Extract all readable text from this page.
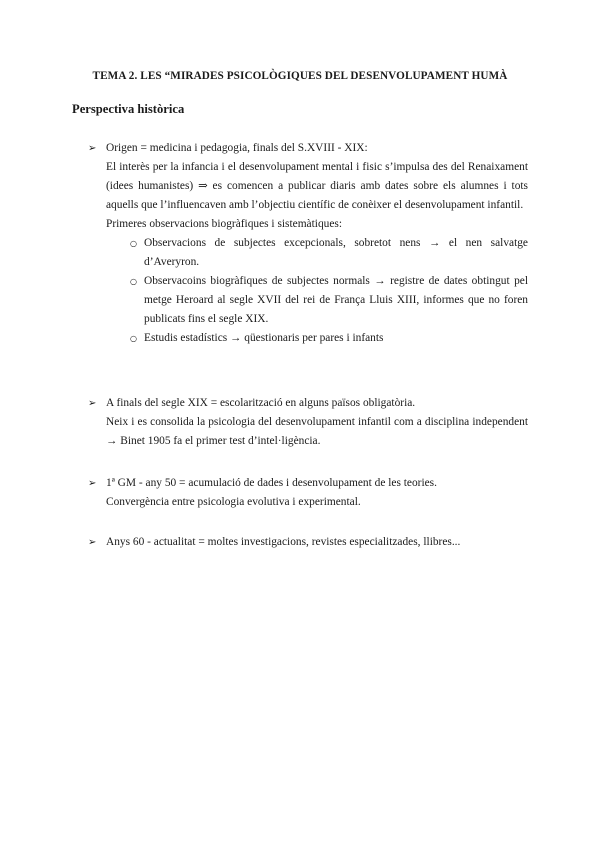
TEMA 2. LES “MIRADES PSICOLÒGIQUES DEL DESENVOLUPAMENT HUMÀ
Perspectiva històrica
➢ Origen = medicina i pedagogia, finals del S.XVIII - XIX:

El interès per la infancia i el desenvolupament mental i fisic s’impulsa des del Renaixament (idees humanistes) ⇒ es comencen a publicar diaris amb dates sobre els alumnes i tots aquells que l’influencaven amb l’objectiu científic de conèixer el desenvolupament infantil.

Primeres observacions biogràfiques i sistemàtiques:

○ Observacions de subjectes excepcionals, sobretot nens → el nen salvatge d’Averyron.
○ Observacoins biogràfiques de subjectes normals → registre de dates obtingut pel metge Heroard al segle XVII del rei de França Lluis XIII, informes que no foren publicats fins el segle XIX.
○ Estudis estadístics → qüestionaris per pares i infants
➢ A finals del segle XIX = escolarització en alguns països obligatòria.

Neix i es consolida la psicologia del desenvolupament infantil com a disciplina independent → Binet 1905 fa el primer test d’intel·ligència.

➢ 1ª GM - any 50 = acumulació de dades i desenvolupament de les teories.

Convergència entre psicologia evolutiva i experimental.

➢ Anys 60 - actualitat = moltes investigacions, revistes especialitzades, llibres...
